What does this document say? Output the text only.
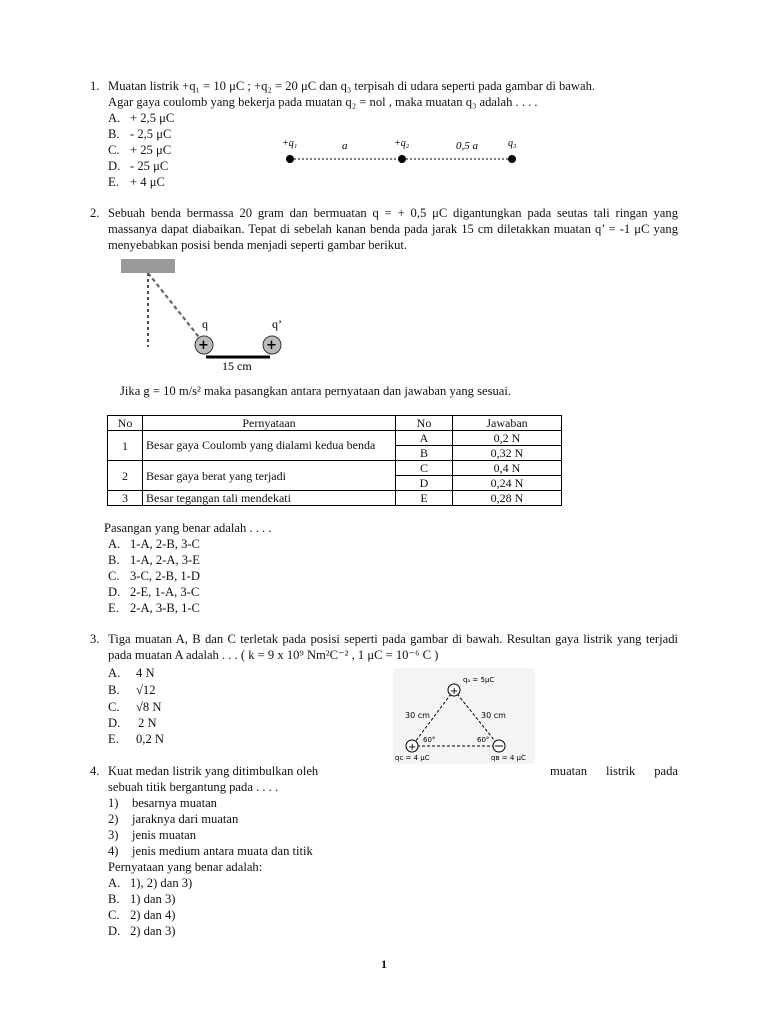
1. Muatan listrik +q₁ = 10 μC ; +q₂ = 20 μC dan q₃ terpisah di udara seperti pada gambar di bawah.
Agar gaya coulomb yang bekerja pada muatan q₂ = nol , maka muatan q₃ adalah . . . .
A. + 2,5 μC
B. - 2,5 μC
C. + 25 μC
D. - 25 μC
E. + 4 μC
+q₁	+q₂	q₃
a	0,5 a
2. Sebuah benda bermassa 20 gram dan bermuatan q = + 0,5 μC digantungkan pada seutas tali ringan yang massanya dapat diabaikan. Tepat di sebelah kanan benda pada jarak 15 cm diletakkan muatan q’ = -1 μC yang menyebabkan posisi benda menjadi seperti gambar berikut.
+	+
q	q’
15 cm
Jika g = 10 m/s² maka pasangkan antara pernyataan dan jawaban yang sesuai.
No	Pernyataan	No	Jawaban
1	Besar gaya Coulomb yang dialami kedua benda	A	0,2 N
		B	0,32 N
2	Besar gaya berat yang terjadi	C	0,4 N
		D	0,24 N
3	Besar tegangan tali mendekati	E	0,28 N
Pasangan yang benar adalah . . . .
A. 1-A, 2-B, 3-C
B. 1-A, 2-A, 3-E
C. 3-C, 2-B, 1-D
D. 2-E, 1-A, 3-C
E. 2-A, 3-B, 1-C
3. Tiga muatan A, B dan C terletak pada posisi seperti pada gambar di bawah. Resultan gaya listrik yang terjadi pada muatan A adalah . . . ( k = 9 x 10⁹ Nm²C⁻² , 1 μC = 10⁻⁶ C )
A. 4 N
B. √12
C. √8 N
D. 2 N
E. 0,2 N
+
+
qₐ = 5μC
30 cm	30 cm
60°	60°
qᴄ = 4 μC	qʙ = 4 μC
4. Kuat medan listrik yang ditimbulkan oleh	muatan listrik pada
sebuah titik bergantung pada . . . .
1) besarnya muatan
2) jaraknya dari muatan
3) jenis muatan
4) jenis medium antara muata dan titik
Pernyataan yang benar adalah:
A. 1), 2) dan 3)
B. 1) dan 3)
C. 2) dan 4)
D. 2) dan 3)
1
